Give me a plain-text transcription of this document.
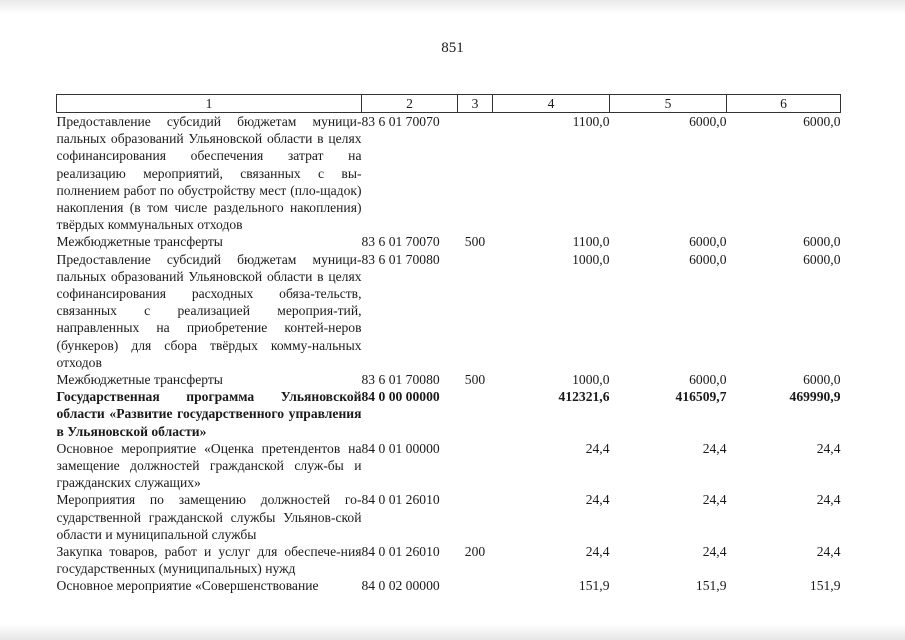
851
1	2	3	4	5	6
Предоставление субсидий бюджетам муници-пальных образований Ульяновской области в целях софинансирования обеспечения затрат на реализацию мероприятий, связанных с вы-полнением работ по обустройству мест (пло-щадок) накопления (в том числе раздельного накопления) твёрдых коммунальных отходов	83 6 01 70070		1100,0	6000,0	6000,0
Межбюджетные трансферты	83 6 01 70070	500	1100,0	6000,0	6000,0
Предоставление субсидий бюджетам муници-пальных образований Ульяновской области в целях софинансирования расходных обяза-тельств, связанных с реализацией мероприя-тий, направленных на приобретение контей-неров (бункеров) для сбора твёрдых комму-нальных отходов	83 6 01 70080		1000,0	6000,0	6000,0
Межбюджетные трансферты	83 6 01 70080	500	1000,0	6000,0	6000,0
Государственная программа Ульяновской области «Развитие государственного управления в Ульяновской области»	84 0 00 00000		412321,6	416509,7	469990,9
Основное мероприятие «Оценка претендентов на замещение должностей гражданской служ-бы и гражданских служащих»	84 0 01 00000		24,4	24,4	24,4
Мероприятия по замещению должностей го-сударственной гражданской службы Ульянов-ской области и муниципальной службы	84 0 01 26010		24,4	24,4	24,4
Закупка товаров, работ и услуг для обеспече-ния государственных (муниципальных) нужд	84 0 01 26010	200	24,4	24,4	24,4
Основное мероприятие «Совершенствование	84 0 02 00000		151,9	151,9	151,9
